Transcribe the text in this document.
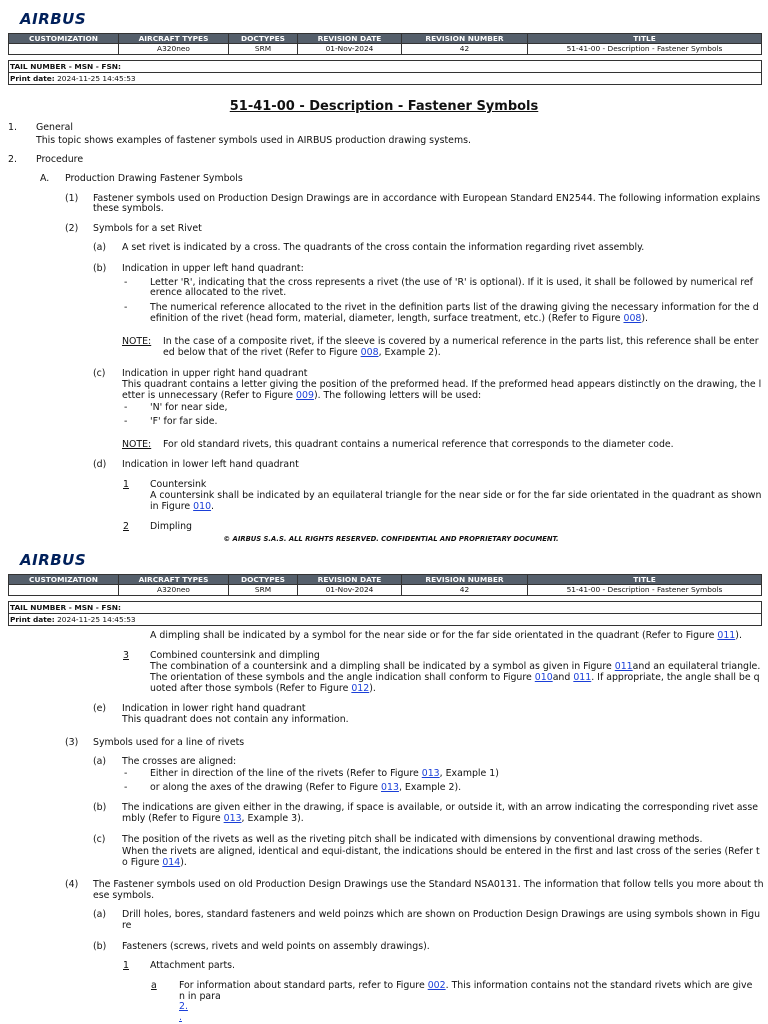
AIRBUS
CUSTOMIZATION	AIRCRAFT TYPES	DOCTYPES	REVISION DATE	REVISION NUMBER	TITLE
	A320neo	SRM	01-Nov-2024	42	51-41-00 - Description - Fastener Symbols
TAIL NUMBER - MSN - FSN:
Print date: 2024-11-25 14:45:53
51-41-00 - Description - Fastener Symbols
1. General
This topic shows examples of fastener symbols used in AIRBUS production drawing systems.
2. Procedure
A. Production Drawing Fastener Symbols
(1) Fastener symbols used on Production Design Drawings are in accordance with European Standard EN2544. The following information explains
these symbols.
(2) Symbols for a set Rivet
(a) A set rivet is indicated by a cross. The quadrants of the cross contain the information regarding rivet assembly.
(b) Indication in upper left hand quadrant:
- Letter 'R', indicating that the cross represents a rivet (the use of 'R' is optional). If it is used, it shall be followed by numerical ref
erence allocated to the rivet.
- The numerical reference allocated to the rivet in the definition parts list of the drawing giving the necessary information for the d
efinition of the rivet (head form, material, diameter, length, surface treatment, etc.) (Refer to Figure 008).
NOTE: In the case of a composite rivet, if the sleeve is covered by a numerical reference in the parts list, this reference shall be enter
ed below that of the rivet (Refer to Figure 008, Example 2).
(c) Indication in upper right hand quadrant
This quadrant contains a letter giving the position of the preformed head. If the preformed head appears distinctly on the drawing, the l
etter is unnecessary (Refer to Figure 009). The following letters will be used:
- 'N' for near side,
- 'F' for far side.
NOTE: For old standard rivets, this quadrant contains a numerical reference that corresponds to the diameter code.
(d) Indication in lower left hand quadrant
1 Countersink
A countersink shall be indicated by an equilateral triangle for the near side or for the far side orientated in the quadrant as shown
in Figure 010.
2 Dimpling
© AIRBUS S.A.S. ALL RIGHTS RESERVED. CONFIDENTIAL AND PROPRIETARY DOCUMENT.
AIRBUS
CUSTOMIZATION	AIRCRAFT TYPES	DOCTYPES	REVISION DATE	REVISION NUMBER	TITLE
	A320neo	SRM	01-Nov-2024	42	51-41-00 - Description - Fastener Symbols
TAIL NUMBER - MSN - FSN:
Print date: 2024-11-25 14:45:53
A dimpling shall be indicated by a symbol for the near side or for the far side orientated in the quadrant (Refer to Figure 011).
3 Combined countersink and dimpling
The combination of a countersink and a dimpling shall be indicated by a symbol as given in Figure 011and an equilateral triangle.
The orientation of these symbols and the angle indication shall conform to Figure 010and 011. If appropriate, the angle shall be q
uoted after those symbols (Refer to Figure 012).
(e) Indication in lower right hand quadrant
This quadrant does not contain any information.
(3) Symbols used for a line of rivets
(a) The crosses are aligned:
- Either in direction of the line of the rivets (Refer to Figure 013, Example 1)
- or along the axes of the drawing (Refer to Figure 013, Example 2).
(b) The indications are given either in the drawing, if space is available, or outside it, with an arrow indicating the corresponding rivet asse
mbly (Refer to Figure 013, Example 3).
(c) The position of the rivets as well as the riveting pitch shall be indicated with dimensions by conventional drawing methods.
When the rivets are aligned, identical and equi-distant, the indications should be entered in the first and last cross of the series (Refer t
o Figure 014).
(4) The Fastener symbols used on old Production Design Drawings use the Standard NSA0131. The information that follow tells you more about th
ese symbols.
(a) Drill holes, bores, standard fasteners and weld poinzs which are shown on Production Design Drawings are using symbols shown in Figu
re
(b) Fasteners (screws, rivets and weld points on assembly drawings).
1 Attachment parts.
a For information about standard parts, refer to Figure 002. This information contains not the standard rivets which are give
n in para
2.
.
